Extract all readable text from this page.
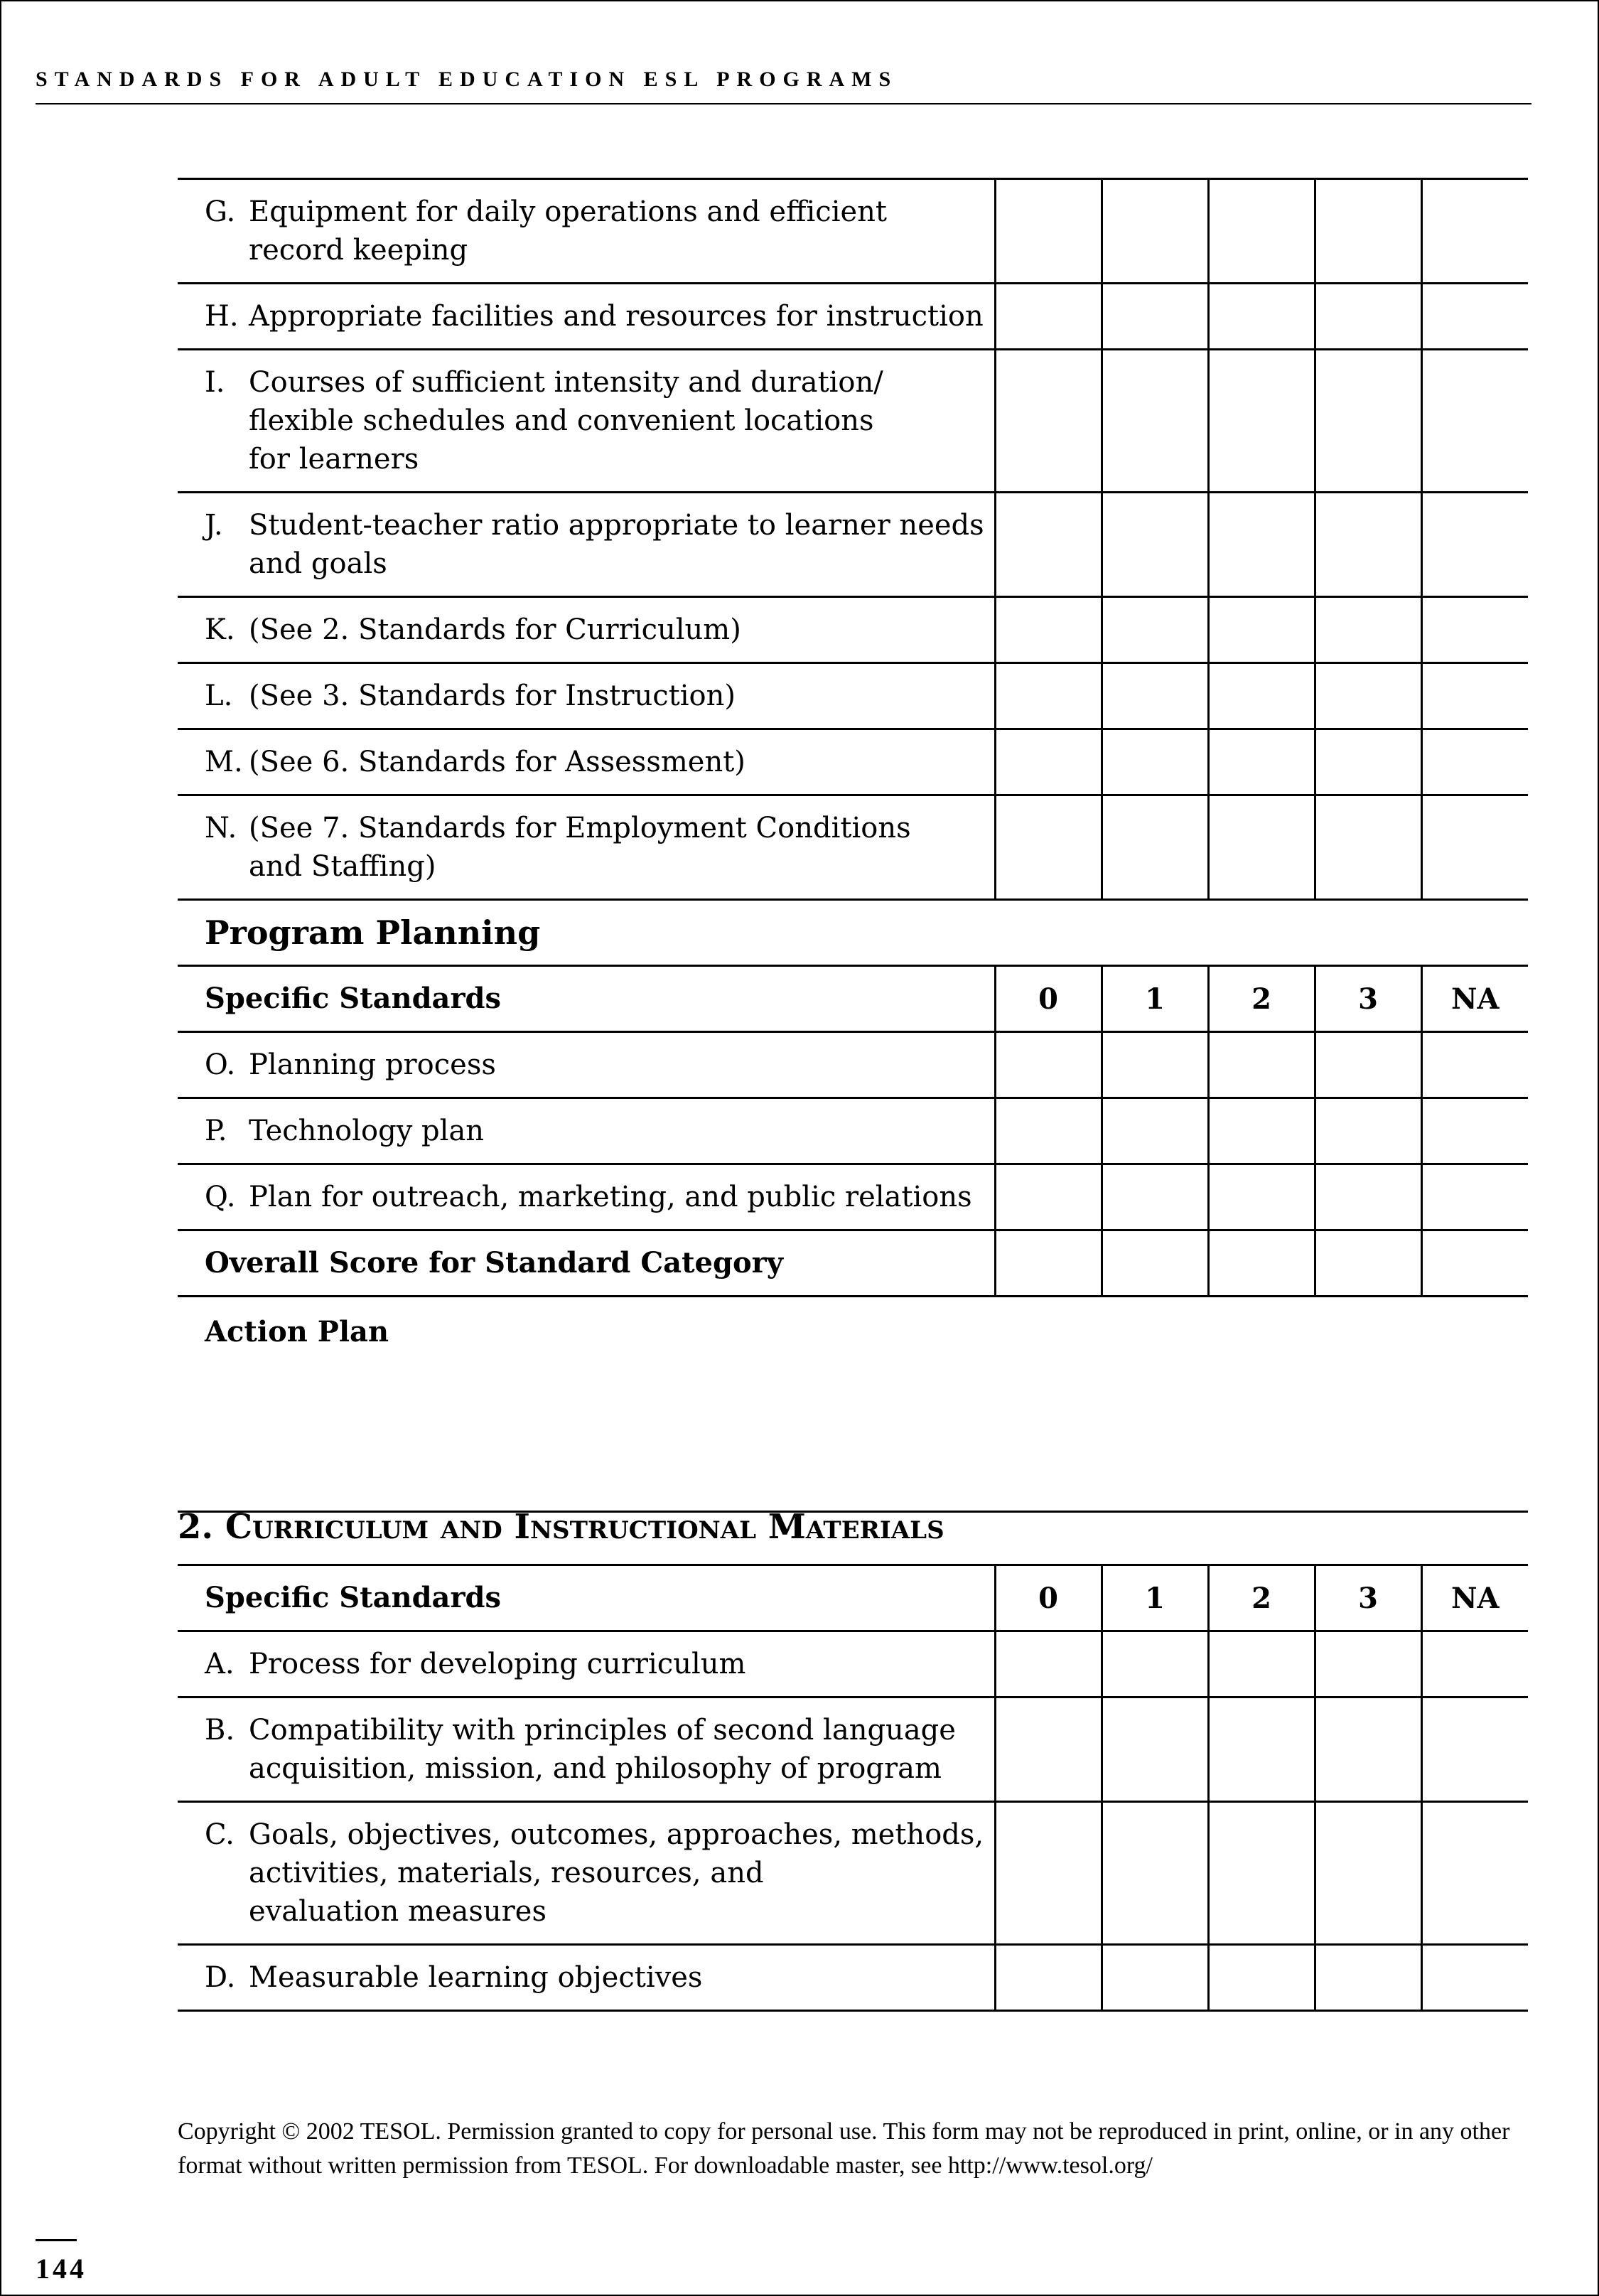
STANDARDS FOR ADULT EDUCATION ESL PROGRAMS
G. Equipment for daily operations and efficient
record keeping					

H. Appropriate facilities and resources for instruction					

I. Courses of sufficient intensity and duration/
flexible schedules and convenient locations
for learners					

J. Student-teacher ratio appropriate to learner needs
and goals					

K. (See 2. Standards for Curriculum)					

L. (See 3. Standards for Instruction)					

M. (See 6. Standards for Assessment)					

N. (See 7. Standards for Employment Conditions
and Staffing)					

Program Planning					
Specific Standards	0	1	2	3	NA

O. Planning process					

P. Technology plan					

Q. Plan for outreach, marketing, and public relations					

Overall Score for Standard Category					
Action Plan					
2. Curriculum and Instructional Materials
Specific Standards	0	1	2	3	NA

A. Process for developing curriculum					

B. Compatibility with principles of second language
acquisition, mission, and philosophy of program					

C. Goals, objectives, outcomes, approaches, methods,
activities, materials, resources, and
evaluation measures					

D. Measurable learning objectives					

Copyright © 2002 TESOL. Permission granted to copy for personal use. This form may not be reproduced in print, online, or in any other format without written permission from TESOL. For downloadable master, see http://www.tesol.org/
144
